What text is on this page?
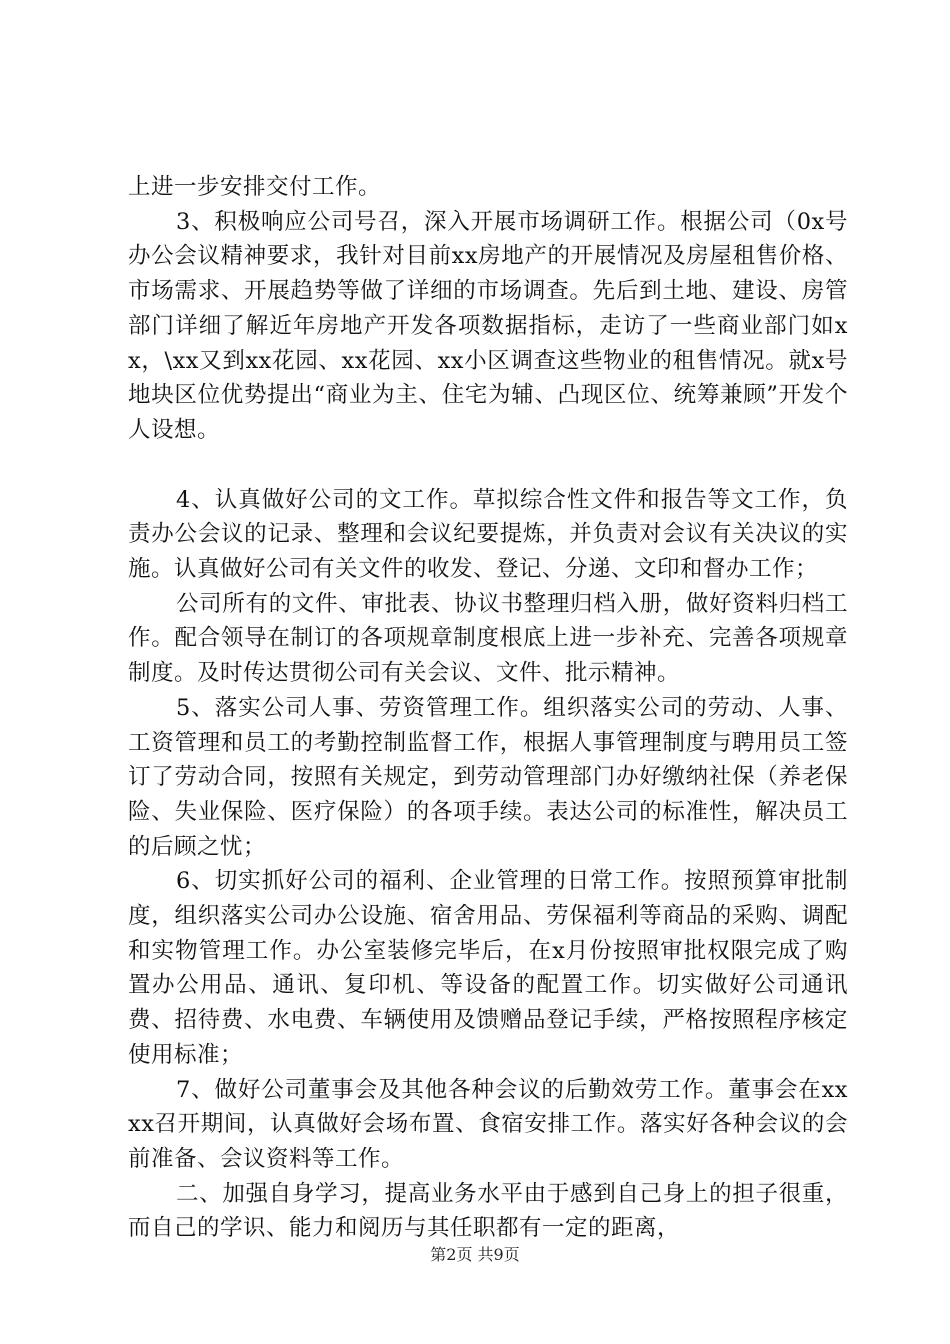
上进一步安排交付工作。

3、积极响应公司号召，深入开展市场调研工作。根据公司（0x号办公会议精神要求，我针对目前xx房地产的开展情况及房屋租售价格、市场需求、开展趋势等做了详细的市场调查。先后到土地、建设、房管部门详细了解近年房地产开发各项数据指标，走访了一些商业部门如xx，\xx又到xx花园、xx花园、xx小区调查这些物业的租售情况。就x号地块区位优势提出“商业为主、住宅为辅、凸现区位、统筹兼顾”开发个人设想。

4、认真做好公司的文工作。草拟综合性文件和报告等文工作，负责办公会议的记录、整理和会议纪要提炼，并负责对会议有关决议的实施。认真做好公司有关文件的收发、登记、分递、文印和督办工作；

公司所有的文件、审批表、协议书整理归档入册，做好资料归档工作。配合领导在制订的各项规章制度根底上进一步补充、完善各项规章制度。及时传达贯彻公司有关会议、文件、批示精神。

5、落实公司人事、劳资管理工作。组织落实公司的劳动、人事、工资管理和员工的考勤控制监督工作，根据人事管理制度与聘用员工签订了劳动合同，按照有关规定，到劳动管理部门办好缴纳社保（养老保险、失业保险、医疗保险）的各项手续。表达公司的标准性，解决员工的后顾之忧；

6、切实抓好公司的福利、企业管理的日常工作。按照预算审批制度，组织落实公司办公设施、宿舍用品、劳保福利等商品的采购、调配和实物管理工作。办公室装修完毕后，在x月份按照审批权限完成了购置办公用品、通讯、复印机、等设备的配置工作。切实做好公司通讯费、招待费、水电费、车辆使用及馈赠品登记手续，严格按照程序核定使用标准；

7、做好公司董事会及其他各种会议的后勤效劳工作。董事会在xxxx召开期间，认真做好会场布置、食宿安排工作。落实好各种会议的会前准备、会议资料等工作。

二、加强自身学习，提高业务水平由于感到自己身上的担子很重，而自己的学识、能力和阅历与其任职都有一定的距离，

第2页 共9页
